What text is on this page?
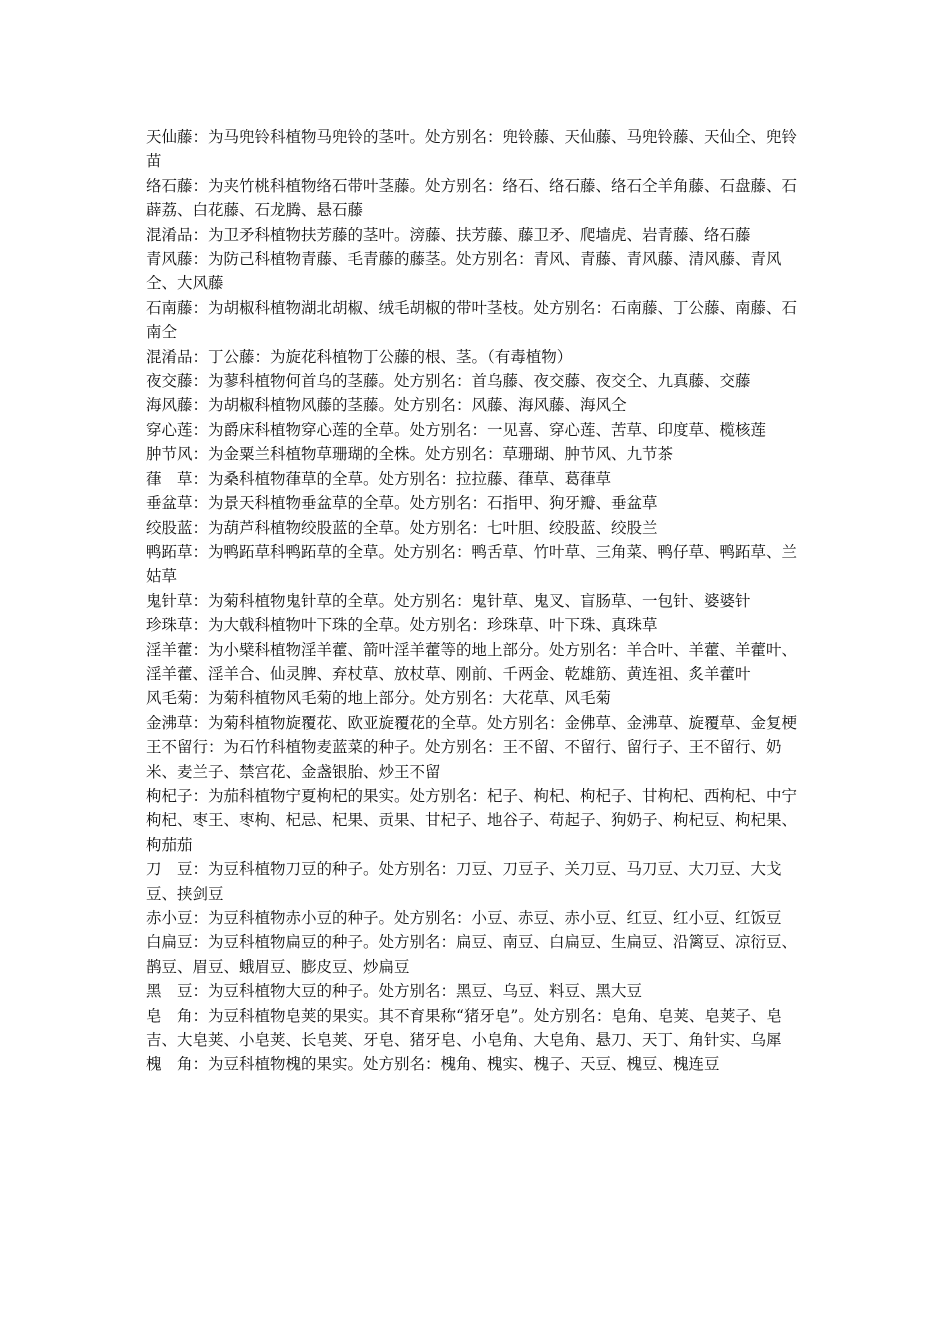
天仙藤：为马兜铃科植物马兜铃的茎叶。处方别名：兜铃藤、天仙藤、马兜铃藤、天仙仝、兜铃苗

络石藤：为夹竹桃科植物络石带叶茎藤。处方别名：络石、络石藤、络石仝羊角藤、石盘藤、石薜荔、白花藤、石龙腾、悬石藤

混淆品：为卫矛科植物扶芳藤的茎叶。滂藤、扶芳藤、藤卫矛、爬墙虎、岩青藤、络石藤

青风藤：为防己科植物青藤、毛青藤的藤茎。处方别名：青风、青藤、青风藤、清风藤、青风仝、大风藤

石南藤：为胡椒科植物湖北胡椒、绒毛胡椒的带叶茎枝。处方别名：石南藤、丁公藤、南藤、石南仝

混淆品：丁公藤：为旋花科植物丁公藤的根、茎。（有毒植物）

夜交藤：为蓼科植物何首乌的茎藤。处方别名：首乌藤、夜交藤、夜交仝、九真藤、交藤

海风藤：为胡椒科植物风藤的茎藤。处方别名：风藤、海风藤、海风仝

穿心莲：为爵床科植物穿心莲的全草。处方别名：一见喜、穿心莲、苦草、印度草、榄核莲

肿节风：为金粟兰科植物草珊瑚的全株。处方别名：草珊瑚、肿节风、九节茶

葎　草：为桑科植物葎草的全草。处方别名：拉拉藤、葎草、葛葎草

垂盆草：为景天科植物垂盆草的全草。处方别名：石指甲、狗牙瓣、垂盆草

绞股蓝：为葫芦科植物绞股蓝的全草。处方别名：七叶胆、绞股蓝、绞股兰

鸭跖草：为鸭跖草科鸭跖草的全草。处方别名：鸭舌草、竹叶草、三角菜、鸭仔草、鸭跖草、兰姑草

鬼针草：为菊科植物鬼针草的全草。处方别名：鬼针草、鬼叉、盲肠草、一包针、婆婆针

珍珠草：为大戟科植物叶下珠的全草。处方别名：珍珠草、叶下珠、真珠草

淫羊藿：为小檗科植物淫羊藿、箭叶淫羊藿等的地上部分。处方别名：羊合叶、羊藿、羊藿叶、淫羊藿、淫羊合、仙灵脾、弃杖草、放杖草、刚前、千两金、乾雄筋、黄连祖、炙羊藿叶

风毛菊：为菊科植物风毛菊的地上部分。处方别名：大花草、风毛菊

金沸草：为菊科植物旋覆花、欧亚旋覆花的全草。处方别名：金佛草、金沸草、旋覆草、金复梗

王不留行：为石竹科植物麦蓝菜的种子。处方别名：王不留、不留行、留行子、王不留行、奶米、麦兰子、禁宫花、金盏银胎、炒王不留

枸杞子：为茄科植物宁夏枸杞的果实。处方别名：杞子、枸杞、枸杞子、甘枸杞、西枸杞、中宁枸杞、枣王、枣枸、杞忌、杞果、贡果、甘杞子、地谷子、苟起子、狗奶子、枸杞豆、枸杞果、枸茄茄

刀　豆：为豆科植物刀豆的种子。处方别名：刀豆、刀豆子、关刀豆、马刀豆、大刀豆、大戈豆、挟剑豆

赤小豆：为豆科植物赤小豆的种子。处方别名：小豆、赤豆、赤小豆、红豆、红小豆、红饭豆

白扁豆：为豆科植物扁豆的种子。处方别名：扁豆、南豆、白扁豆、生扁豆、沿篱豆、凉衍豆、鹊豆、眉豆、蛾眉豆、膨皮豆、炒扁豆

黑　豆：为豆科植物大豆的种子。处方别名：黑豆、乌豆、料豆、黑大豆

皂　角：为豆科植物皂荚的果实。其不育果称“猪牙皂”。处方别名：皂角、皂荚、皂荚子、皂吉、大皂荚、小皂荚、长皂荚、牙皂、猪牙皂、小皂角、大皂角、悬刀、天丁、角针实、乌犀

槐　角：为豆科植物槐的果实。处方别名：槐角、槐实、槐子、天豆、槐豆、槐连豆
